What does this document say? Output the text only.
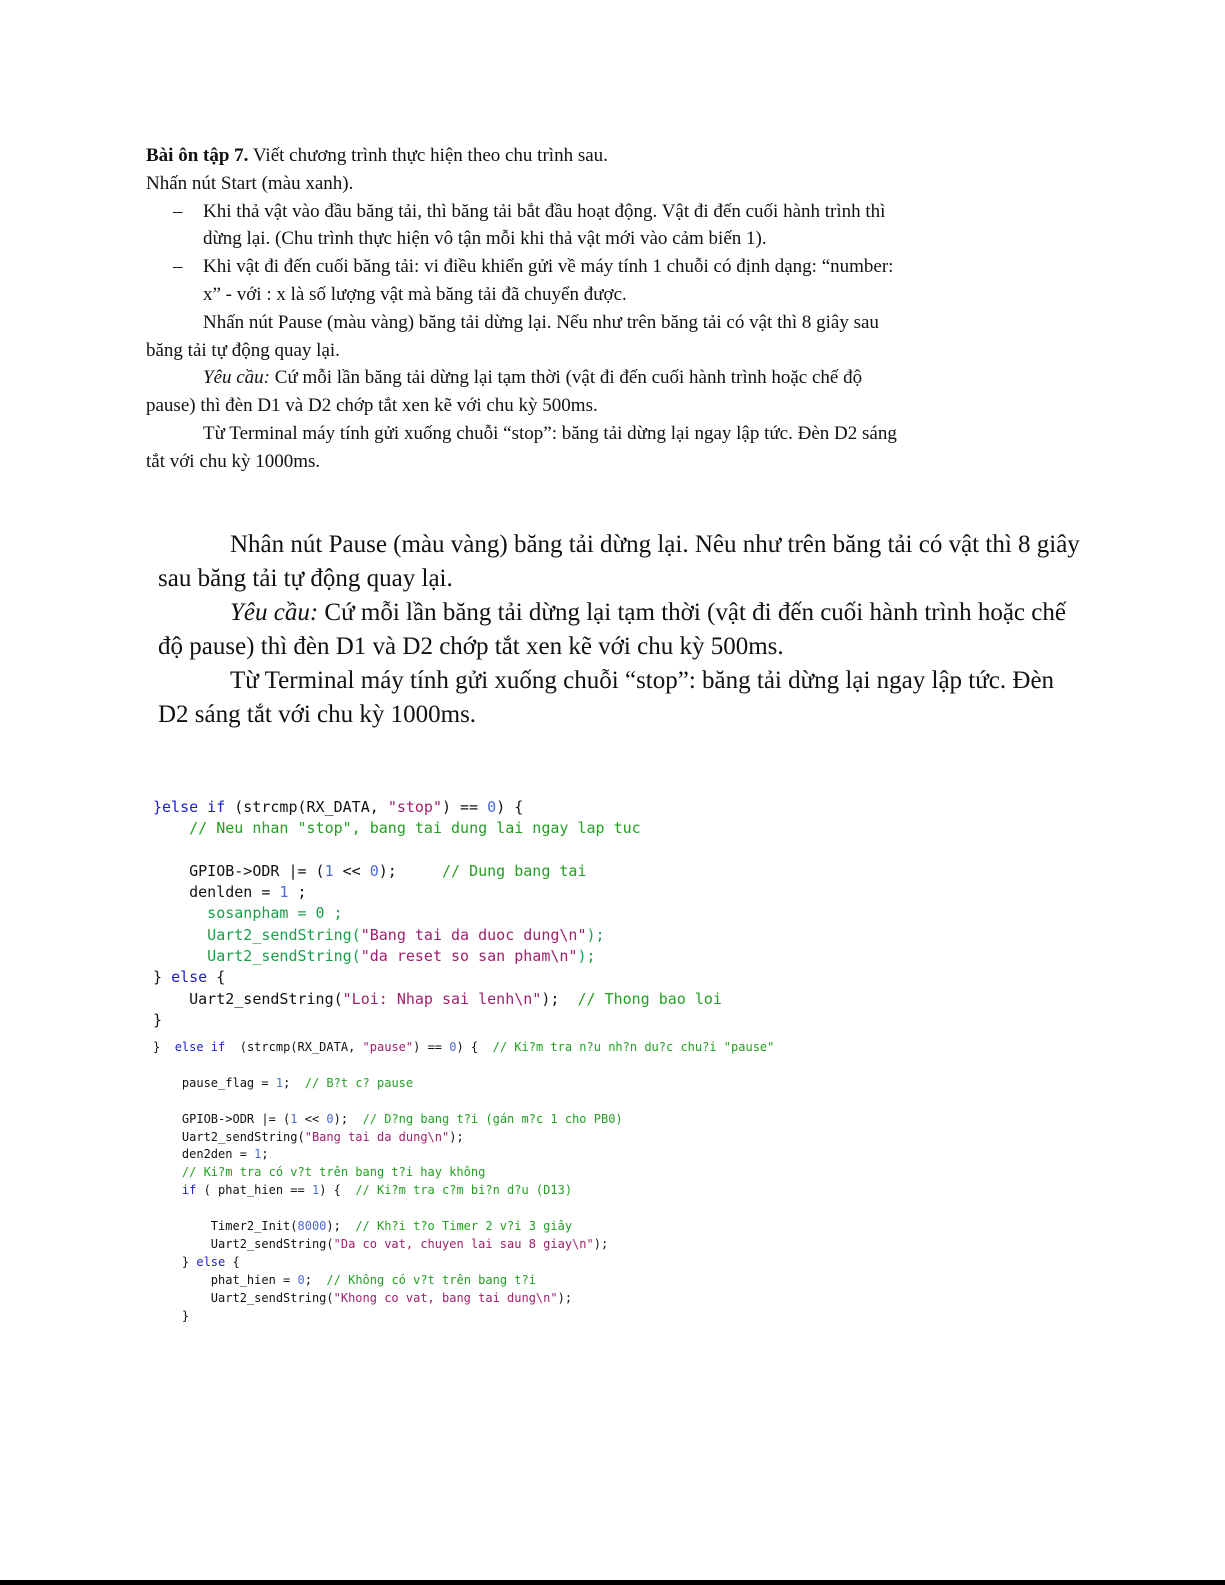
Bài ôn tập 7. Viết chương trình thực hiện theo chu trình sau.

Nhấn nút Start (màu xanh).

– Khi thả vật vào đầu băng tải, thì băng tải bắt đầu hoạt động. Vật đi đến cuối hành trình thì dừng lại. (Chu trình thực hiện vô tận mỗi khi thả vật mới vào cảm biến 1).

– Khi vật đi đến cuối băng tải: vi điều khiển gửi về máy tính 1 chuỗi có định dạng: “number: x” - với : x là số lượng vật mà băng tải đã chuyển được.

Nhấn nút Pause (màu vàng) băng tải dừng lại. Nếu như trên băng tải có vật thì 8 giây sau băng tải tự động quay lại.

Yêu cầu: Cứ mỗi lần băng tải dừng lại tạm thời (vật đi đến cuối hành trình hoặc chế độ pause) thì đèn D1 và D2 chớp tắt xen kẽ với chu kỳ 500ms.

Từ Terminal máy tính gửi xuống chuỗi “stop”: băng tải dừng lại ngay lập tức. Đèn D2 sáng tắt với chu kỳ 1000ms.

Nhân nút Pause (màu vàng) băng tải dừng lại. Nêu như trên băng tải có vật thì 8 giây sau băng tải tự động quay lại.

Yêu cầu: Cứ mỗi lần băng tải dừng lại tạm thời (vật đi đến cuối hành trình hoặc chế độ pause) thì đèn D1 và D2 chớp tắt xen kẽ với chu kỳ 500ms.

Từ Terminal máy tính gửi xuống chuỗi “stop”: băng tải dừng lại ngay lập tức. Đèn D2 sáng tắt với chu kỳ 1000ms.

}else if (strcmp(RX_DATA, "stop") == 0) {
// Neu nhan "stop", bang tai dung lai ngay lap tuc
GPIOB->ODR |= (1 << 0);     // Dung bang tai
denlden = 1 ;
sosanpham = 0 ;
Uart2_sendString("Bang tai da duoc dung\n");
Uart2_sendString("da reset so san pham\n");
} else {
Uart2_sendString("Loi: Nhap sai lenh\n");  // Thong bao loi
}
}  else if  (strcmp(RX_DATA, "pause") == 0) {  // Ki?m tra n?u nh?n du?c chu?i "pause"
pause_flag = 1;  // B?t c? pause
GPIOB->ODR |= (1 << 0);  // D?ng bang t?i (gán m?c 1 cho PB0)
Uart2_sendString("Bang tai da dung\n");
den2den = 1;
// Ki?m tra có v?t trên bang t?i hay không
if ( phat_hien == 1) {  // Ki?m tra c?m bi?n d?u (D13)
Timer2_Init(8000);  // Kh?i t?o Timer 2 v?i 3 giây
Uart2_sendString("Da co vat, chuyen lai sau 8 giay\n");
} else {
phat_hien = 0;  // Không có v?t trên bang t?i
Uart2_sendString("Khong co vat, bang tai dung\n");
}
